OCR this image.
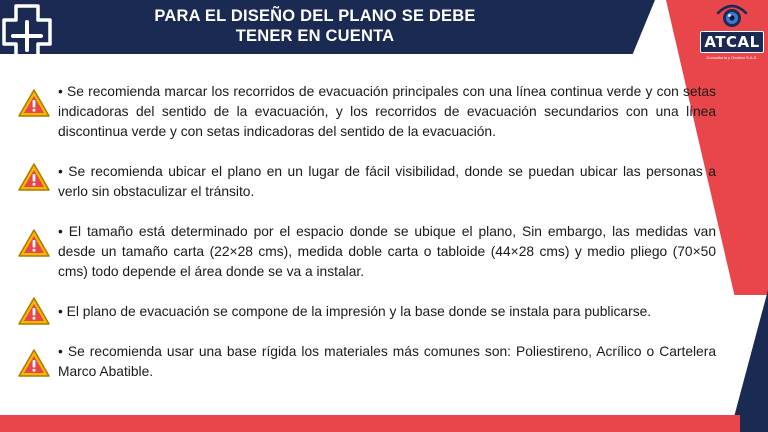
PARA EL DISEÑO DEL PLANO SE DEBE
TENER EN CUENTA	ATCAL
Consultoría y Gestión S.A.S.

• Se recomienda marcar los recorridos de evacuación principales con una línea continua verde y con setas indicadoras del sentido de la evacuación, y los recorridos de evacuación secundarios con una línea discontinua verde y con setas indicadoras del sentido de la evacuación.

• Se recomienda ubicar el plano en un lugar de fácil visibilidad, donde se puedan ubicar las personas a verlo sin obstaculizar el tránsito.

• El tamaño está determinado por el espacio donde se ubique el plano, Sin embargo, las medidas van desde un tamaño carta (22×28 cms), medida doble carta o tabloide (44×28 cms) y medio pliego (70×50 cms) todo depende el área donde se va a instalar.

• El plano de evacuación se compone de la impresión y la base donde se instala para publicarse.

• Se recomienda usar una base rígida los materiales más comunes son: Poliestireno, Acrílico o Cartelera Marco Abatible.
